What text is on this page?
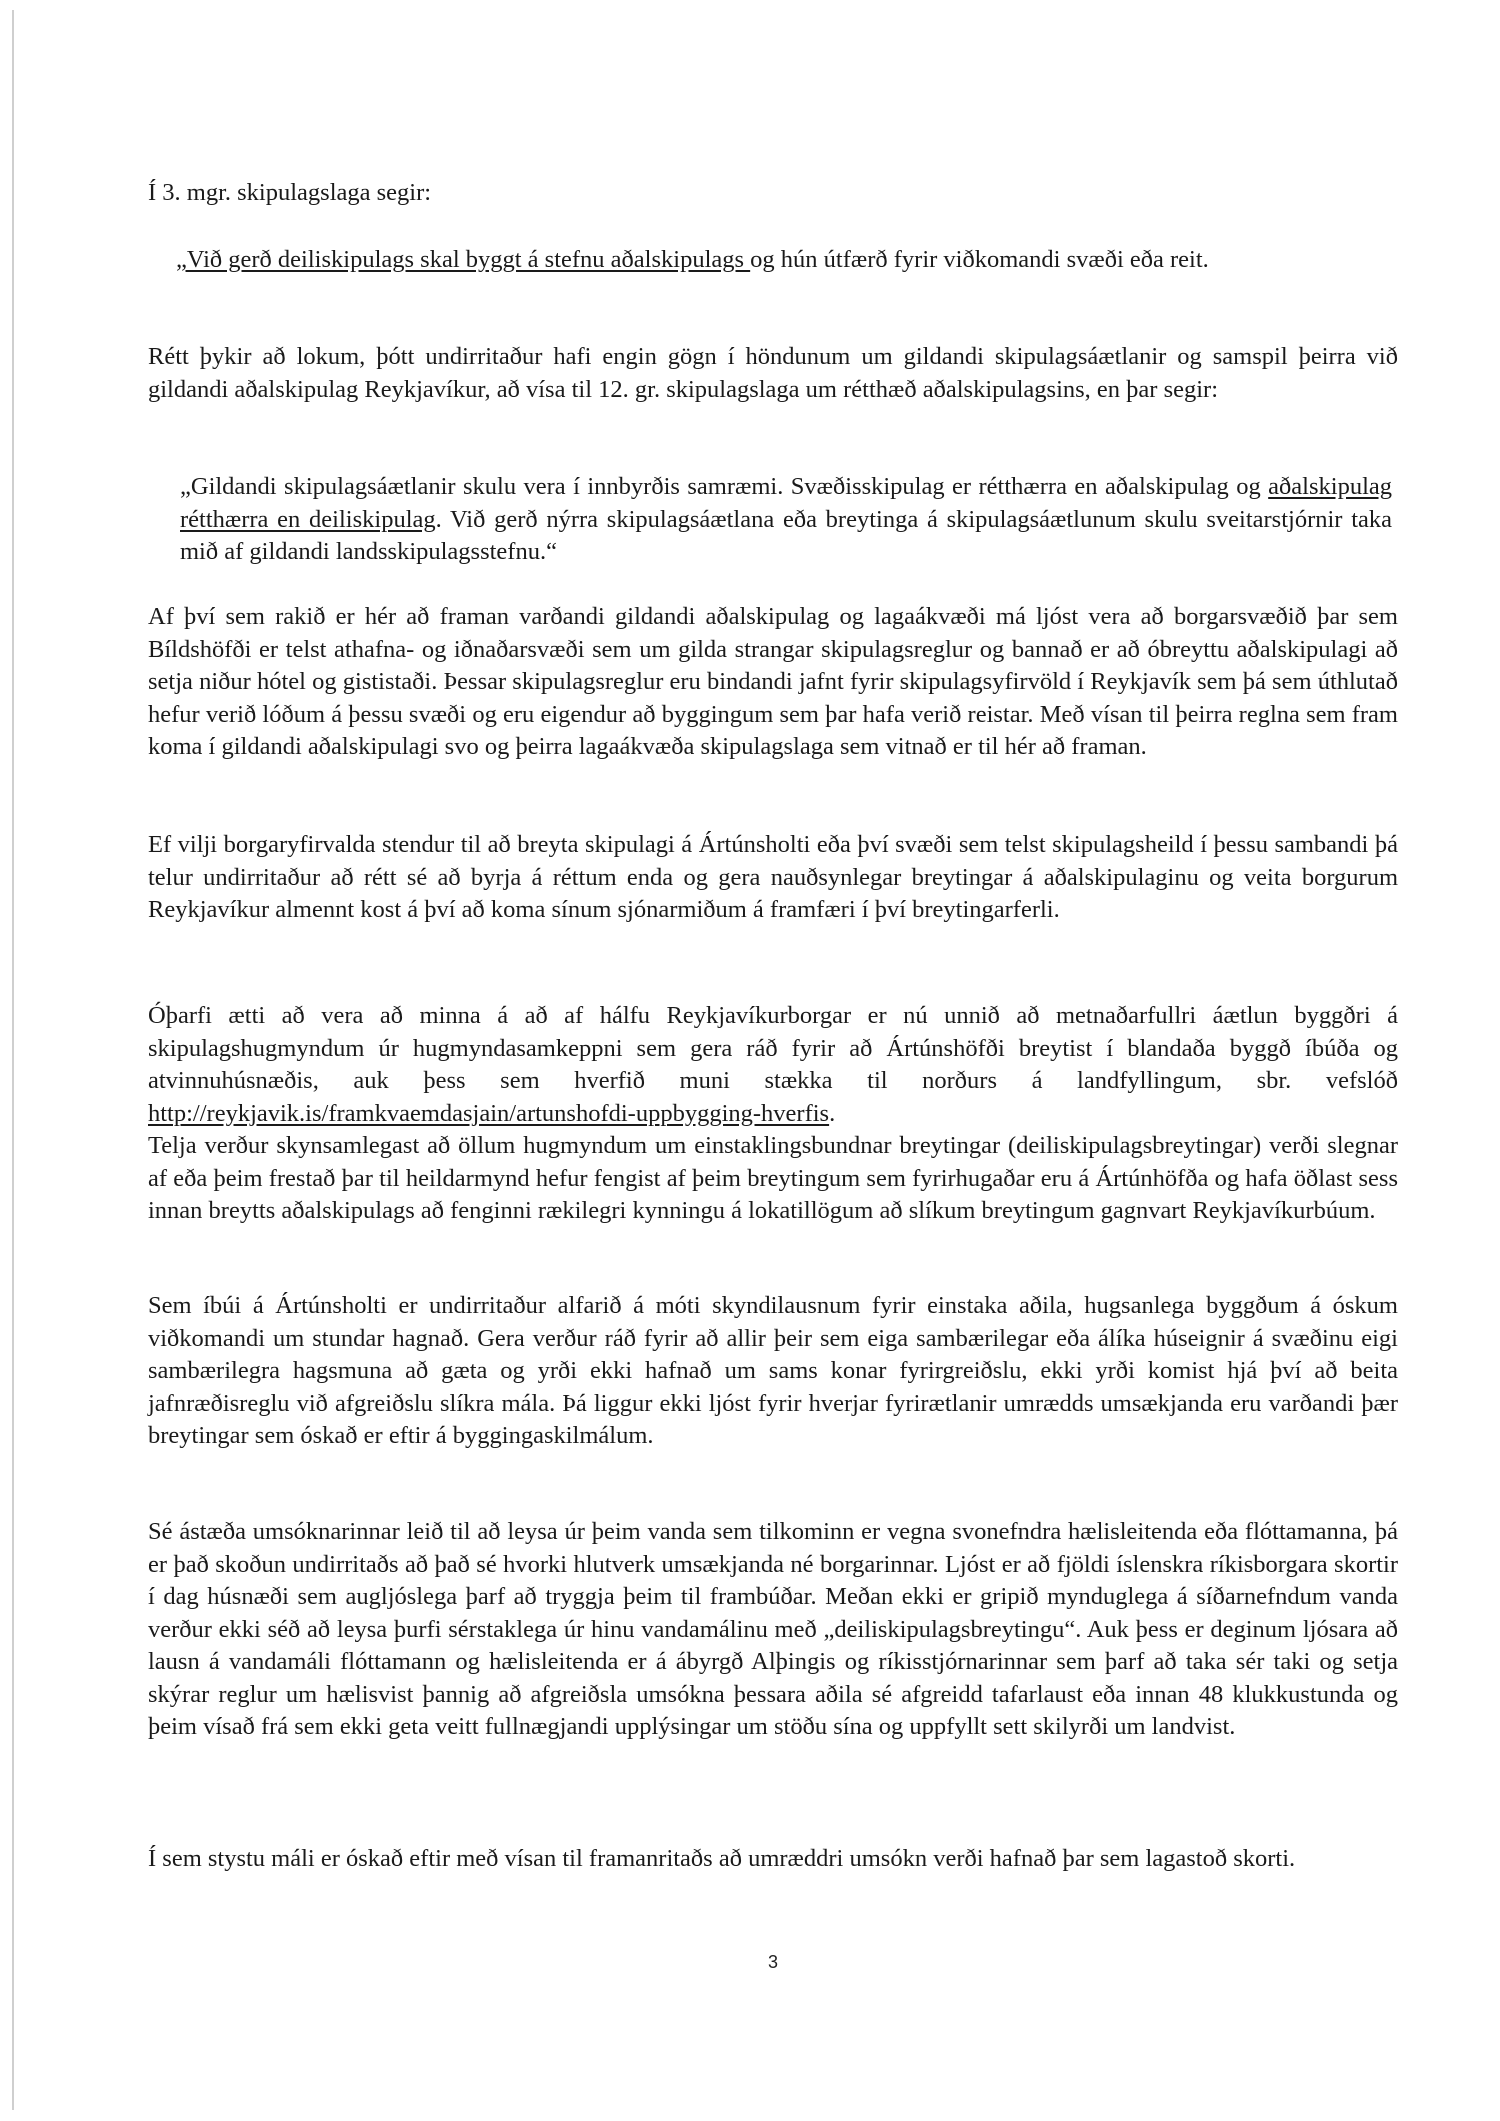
Í 3. mgr. skipulagslaga segir:

„Við gerð deiliskipulags skal byggt á stefnu aðalskipulags og hún útfærð fyrir viðkomandi svæði eða reit.

Rétt þykir að lokum, þótt undirritaður hafi engin gögn í höndunum um gildandi skipulagsáætlanir og samspil þeirra við gildandi aðalskipulag Reykjavíkur, að vísa til 12. gr. skipulagslaga um rétthæð aðalskipulagsins, en þar segir:

„Gildandi skipulagsáætlanir skulu vera í innbyrðis samræmi. Svæðisskipulag er rétthærra en aðalskipulag og aðalskipulag rétthærra en deiliskipulag. Við gerð nýrra skipulagsáætlana eða breytinga á skipulagsáætlunum skulu sveitarstjórnir taka mið af gildandi landsskipulagsstefnu.“

Af því sem rakið er hér að framan varðandi gildandi aðalskipulag og lagaákvæði má ljóst vera að borgarsvæðið þar sem Bíldshöfði er telst athafna- og iðnaðarsvæði sem um gilda strangar skipulagsreglur og bannað er að óbreyttu aðalskipulagi að setja niður hótel og gististaði. Þessar skipulagsreglur eru bindandi jafnt fyrir skipulagsyfirvöld í Reykjavík sem þá sem úthlutað hefur verið lóðum á þessu svæði og eru eigendur að byggingum sem þar hafa verið reistar. Með vísan til þeirra reglna sem fram koma í gildandi aðalskipulagi svo og þeirra lagaákvæða skipulagslaga sem vitnað er til hér að framan.

Ef vilji borgaryfirvalda stendur til að breyta skipulagi á Ártúnsholti eða því svæði sem telst skipulagsheild í þessu sambandi þá telur undirritaður að rétt sé að byrja á réttum enda og gera nauðsynlegar breytingar á aðalskipulaginu og veita borgurum Reykjavíkur almennt kost á því að koma sínum sjónarmiðum á framfæri í því breytingarferli.

Óþarfi ætti að vera að minna á að af hálfu Reykjavíkurborgar er nú unnið að metnaðarfullri áætlun byggðri á skipulagshugmyndum úr hugmyndasamkeppni sem gera ráð fyrir að Ártúnshöfði breytist í blandaða byggð íbúða og atvinnuhúsnæðis, auk þess sem hverfið muni stækka til norðurs á landfyllingum, sbr. vefslóð http://reykjavik.is/framkvaemdasjain/artunshofdi-uppbygging-hverfis.

Telja verður skynsamlegast að öllum hugmyndum um einstaklingsbundnar breytingar (deiliskipulagsbreytingar) verði slegnar af eða þeim frestað þar til heildarmynd hefur fengist af þeim breytingum sem fyrirhugaðar eru á Ártúnhöfða og hafa öðlast sess innan breytts aðalskipulags að fenginni rækilegri kynningu á lokatillögum að slíkum breytingum gagnvart Reykjavíkurbúum.

Sem íbúi á Ártúnsholti er undirritaður alfarið á móti skyndilausnum fyrir einstaka aðila, hugsanlega byggðum á óskum viðkomandi um stundar hagnað. Gera verður ráð fyrir að allir þeir sem eiga sambærilegar eða álíka húseignir á svæðinu eigi sambærilegra hagsmuna að gæta og yrði ekki hafnað um sams konar fyrirgreiðslu, ekki yrði komist hjá því að beita jafnræðisreglu við afgreiðslu slíkra mála. Þá liggur ekki ljóst fyrir hverjar fyrirætlanir umrædds umsækjanda eru varðandi þær breytingar sem óskað er eftir á byggingaskilmálum.

Sé ástæða umsóknarinnar leið til að leysa úr þeim vanda sem tilkominn er vegna svonefndra hælisleitenda eða flóttamanna, þá er það skoðun undirritaðs að það sé hvorki hlutverk umsækjanda né borgarinnar. Ljóst er að fjöldi íslenskra ríkisborgara skortir í dag húsnæði sem augljóslega þarf að tryggja þeim til frambúðar. Meðan ekki er gripið mynduglega á síðarnefndum vanda verður ekki séð að leysa þurfi sérstaklega úr hinu vandamálinu með „deiliskipulagsbreytingu“. Auk þess er deginum ljósara að lausn á vandamáli flóttamann og hælisleitenda er á ábyrgð Alþingis og ríkisstjórnarinnar sem þarf að taka sér taki og setja skýrar reglur um hælisvist þannig að afgreiðsla umsókna þessara aðila sé afgreidd tafarlaust eða innan 48 klukkustunda og þeim vísað frá sem ekki geta veitt fullnægjandi upplýsingar um stöðu sína og uppfyllt sett skilyrði um landvist.

Í sem stystu máli er óskað eftir með vísan til framanritaðs að umræddri umsókn verði hafnað þar sem lagastoð skorti.

3
